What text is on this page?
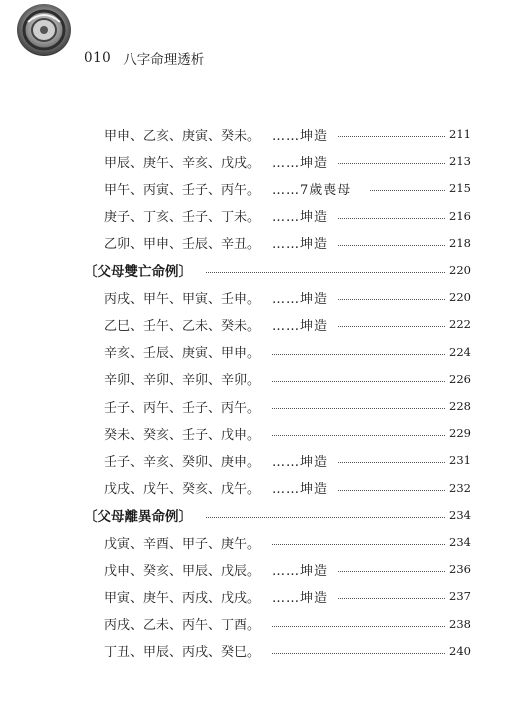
010 八字命理透析
甲申、乙亥、庚寅、癸未。 ……坤造	211
甲辰、庚午、辛亥、戊戌。 ……坤造	213
甲午、丙寅、壬子、丙午。 ……7歲喪母	215
庚子、丁亥、壬子、丁未。 ……坤造	216
乙卯、甲申、壬辰、辛丑。 ……坤造	218
〔父母雙亡命例〕	220
丙戌、甲午、甲寅、壬申。 ……坤造	220
乙巳、壬午、乙未、癸未。 ……坤造	222
辛亥、壬辰、庚寅、甲申。	224
辛卯、辛卯、辛卯、辛卯。	226
壬子、丙午、壬子、丙午。	228
癸未、癸亥、壬子、戊申。	229
壬子、辛亥、癸卯、庚申。 ……坤造	231
戊戌、戊午、癸亥、戊午。 ……坤造	232
〔父母離異命例〕	234
戊寅、辛酉、甲子、庚午。	234
戊申、癸亥、甲辰、戊辰。 ……坤造	236
甲寅、庚午、丙戌、戊戌。 ……坤造	237
丙戌、乙未、丙午、丁酉。	238
丁丑、甲辰、丙戌、癸巳。	240
